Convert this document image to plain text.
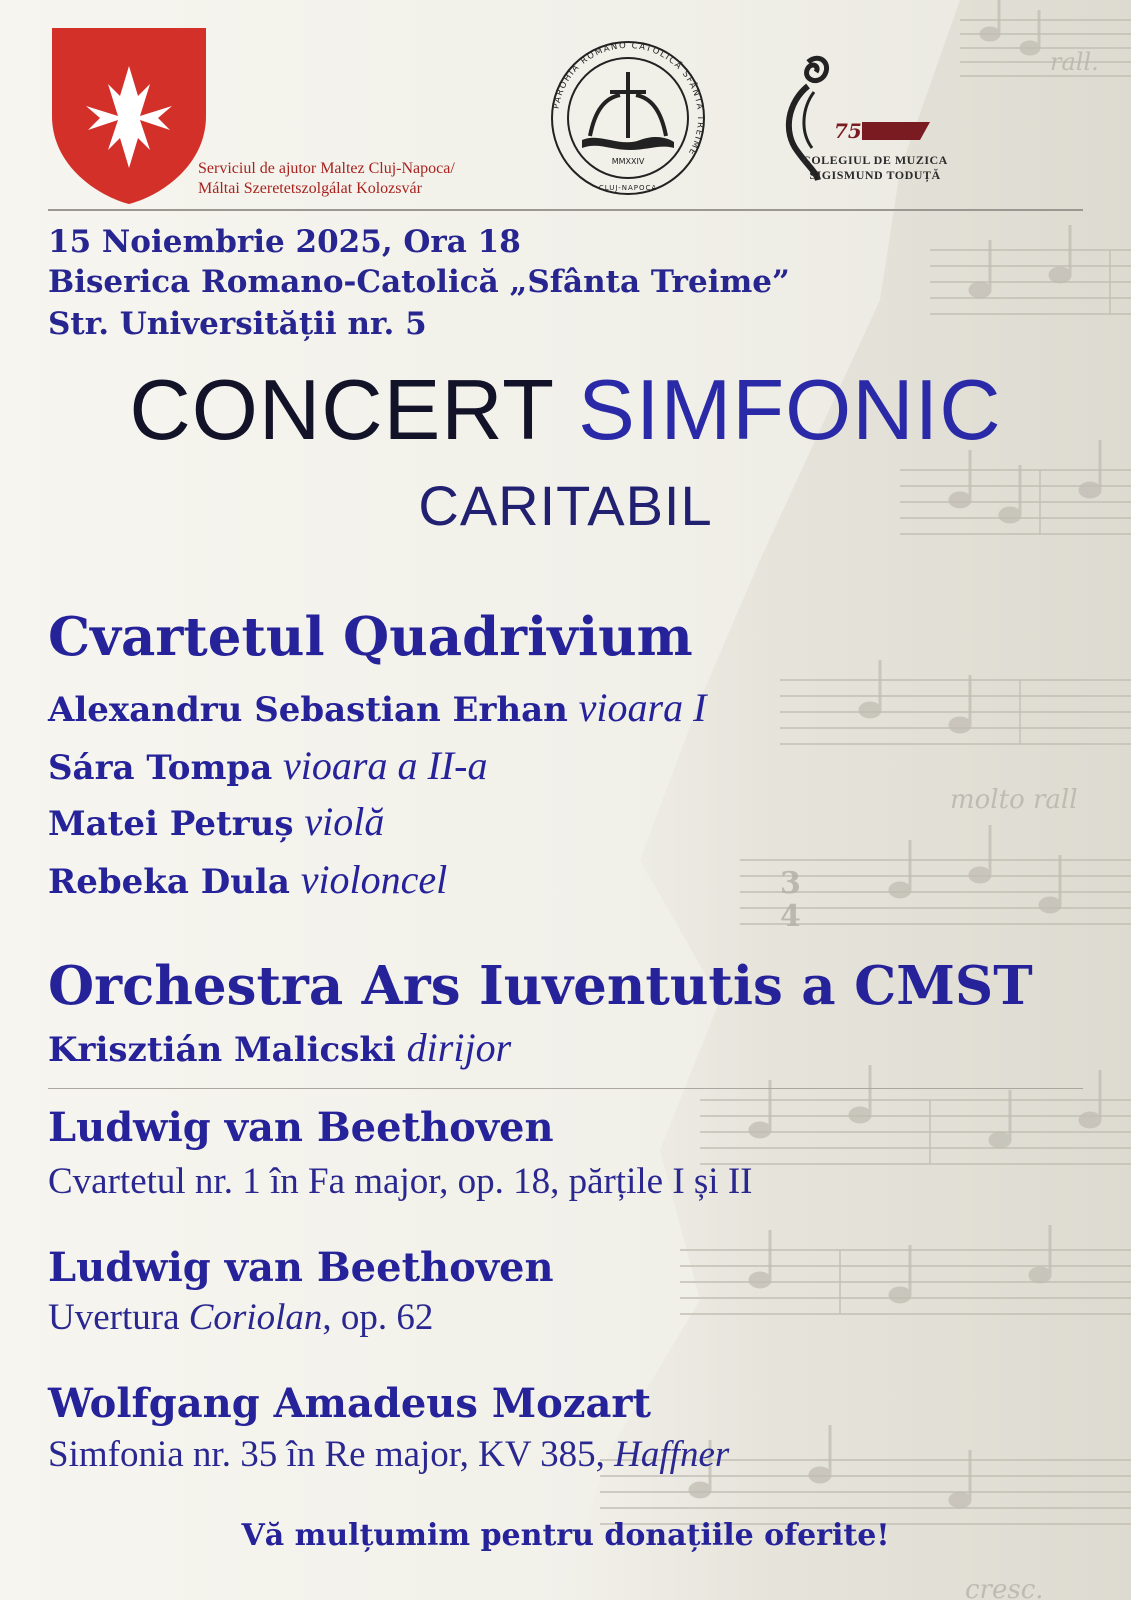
rall.
molto rall
cresc.
3
4
Serviciul de ajutor Maltez Cluj-Napoca/
Máltai Szeretetszolgálat Kolozsvár
PAROHIA ROMANO CATOLICĂ SFÂNTA TREIME
MMXXIV
CLUJ-NAPOCA
75 ANI
COLEGIUL DE MUZICA
SIGISMUND TODUȚĂ
15 Noiembrie 2025, Ora 18
Biserica Romano-Catolică „Sfânta Treime”
Str. Universității nr. 5
CONCERT SIMFONIC
CARITABIL
Cvartetul Quadrivium
Alexandru Sebastian Erhan vioara I
Sára Tompa vioara a II-a
Matei Petruș violă
Rebeka Dula violoncel
Orchestra Ars Iuventutis a CMST
Krisztián Malicski dirijor
Ludwig van Beethoven
Cvartetul nr. 1 în Fa major, op. 18, părțile I și II
Ludwig van Beethoven
Uvertura Coriolan, op. 62
Wolfgang Amadeus Mozart
Simfonia nr. 35 în Re major, KV 385, Haffner
Vă mulțumim pentru donațiile oferite!
